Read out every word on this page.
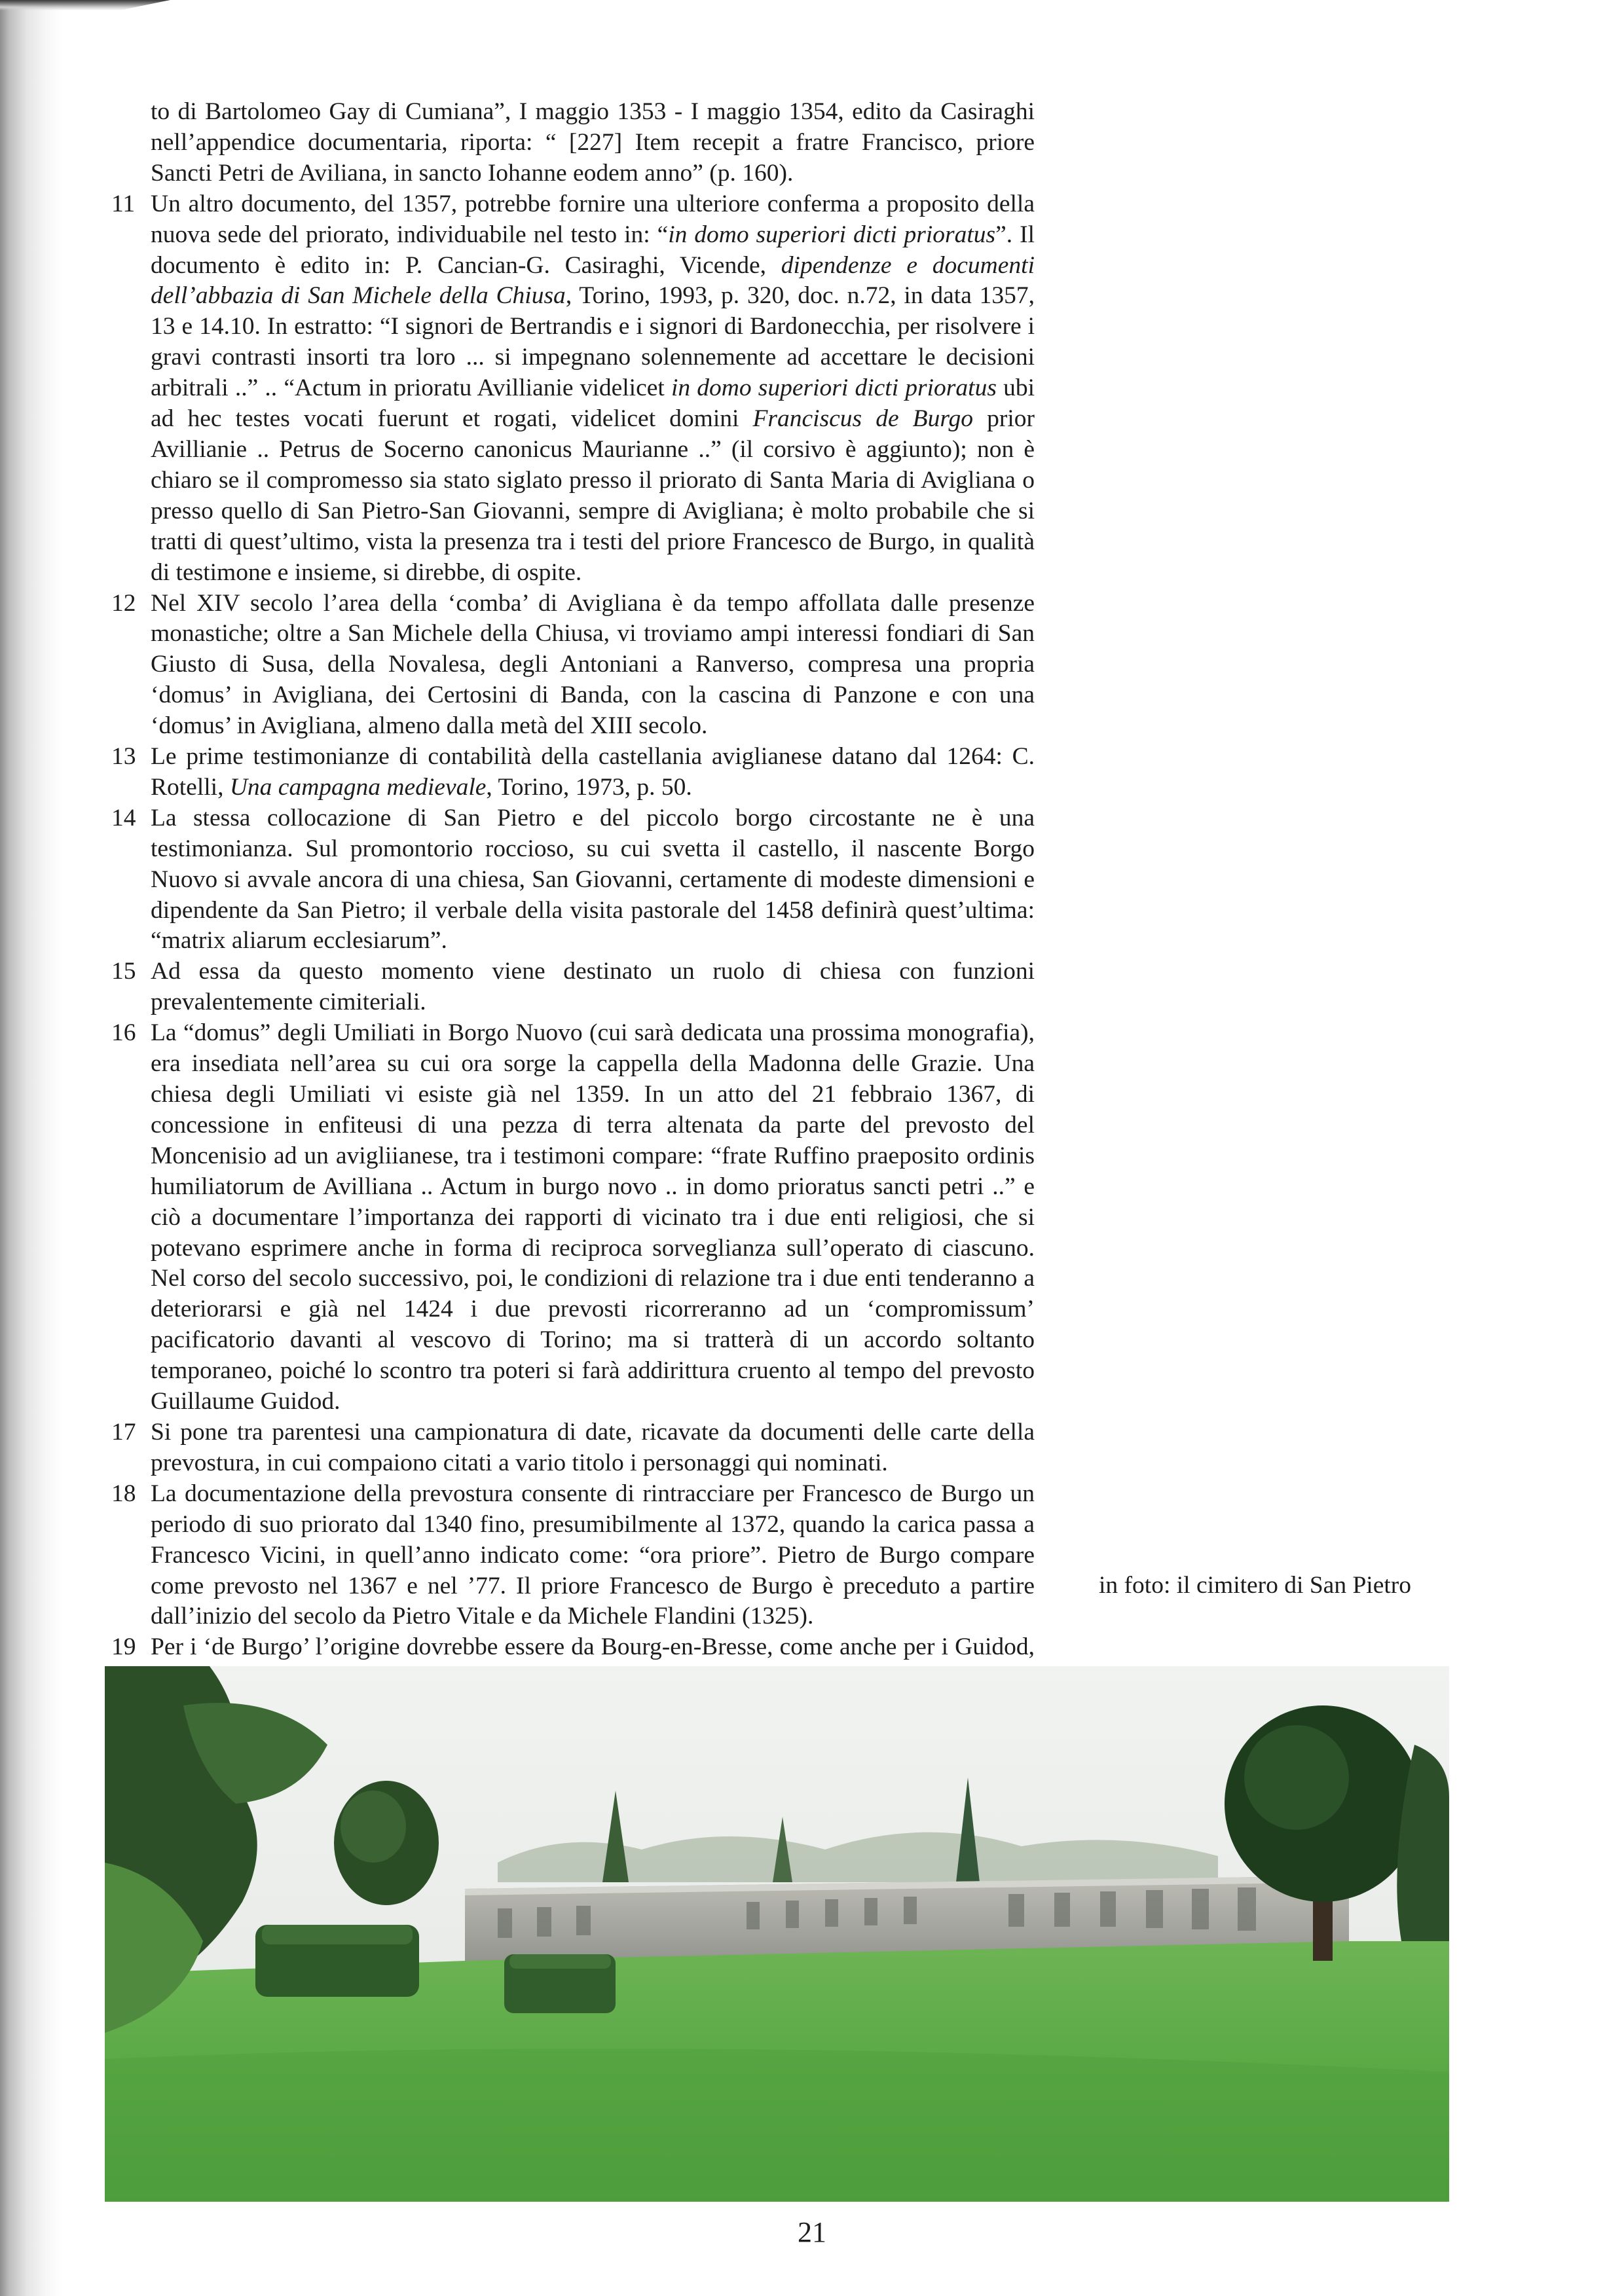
to di Bartolomeo Gay di Cumiana”, I maggio 1353 - I maggio 1354, edito da Casiraghi nell’appendice documentaria, riporta: “ [227] Item recepit a fratre Francisco, priore Sancti Petri de Aviliana, in sancto Iohanne eodem anno” (p. 160).
11 Un altro documento, del 1357, potrebbe fornire una ulteriore conferma a proposito della nuova sede del priorato, individuabile nel testo in: “in domo superiori dicti prioratus”. Il documento è edito in: P. Cancian-G. Casiraghi, Vicende, dipendenze e documenti dell’abbazia di San Michele della Chiusa, Torino, 1993, p. 320, doc. n.72, in data 1357, 13 e 14.10. In estratto: “I signori de Bertrandis e i signori di Bardonecchia, per risolvere i gravi contrasti insorti tra loro ... si impegnano solennemente ad accettare le decisioni arbitrali ..” .. “Actum in prioratu Avillianie videlicet in domo superiori dicti prioratus ubi ad hec testes vocati fuerunt et rogati, videlicet domini Franciscus de Burgo prior Avillianie .. Petrus de Socerno canonicus Maurianne ..” (il corsivo è aggiunto); non è chiaro se il compromesso sia stato siglato presso il priorato di Santa Maria di Avigliana o presso quello di San Pietro-San Giovanni, sempre di Avigliana; è molto probabile che si tratti di quest’ultimo, vista la presenza tra i testi del priore Francesco de Burgo, in qualità di testimone e insieme, si direbbe, di ospite.
12 Nel XIV secolo l’area della ‘comba’ di Avigliana è da tempo affollata dalle presenze monastiche; oltre a San Michele della Chiusa, vi troviamo ampi interessi fondiari di San Giusto di Susa, della Novalesa, degli Antoniani a Ranverso, compresa una propria ‘domus’ in Avigliana, dei Certosini di Banda, con la cascina di Panzone e con una ‘domus’ in Avigliana, almeno dalla metà del XIII secolo.
13 Le prime testimonianze di contabilità della castellania aviglianese datano dal 1264: C. Rotelli, Una campagna medievale, Torino, 1973, p. 50.
14 La stessa collocazione di San Pietro e del piccolo borgo circostante ne è una testimonianza. Sul promontorio roccioso, su cui svetta il castello, il nascente Borgo Nuovo si avvale ancora di una chiesa, San Giovanni, certamente di modeste dimensioni e dipendente da San Pietro; il verbale della visita pastorale del 1458 definirà quest’ultima: “matrix aliarum ecclesiarum”.
15 Ad essa da questo momento viene destinato un ruolo di chiesa con funzioni prevalentemente cimiteriali.
16 La “domus” degli Umiliati in Borgo Nuovo (cui sarà dedicata una prossima monografia), era insediata nell’area su cui ora sorge la cappella della Madonna delle Grazie. Una chiesa degli Umiliati vi esiste già nel 1359. In un atto del 21 febbraio 1367, di concessione in enfiteusi di una pezza di terra altenata da parte del prevosto del Moncenisio ad un avigliianese, tra i testimoni compare: “frate Ruffino praeposito ordinis humiliatorum de Avilliana .. Actum in burgo novo .. in domo prioratus sancti petri ..” e ciò a documentare l’importanza dei rapporti di vicinato tra i due enti religiosi, che si potevano esprimere anche in forma di reciproca sorveglianza sull’operato di ciascuno. Nel corso del secolo successivo, poi, le condizioni di relazione tra i due enti tenderanno a deteriorarsi e già nel 1424 i due prevosti ricorreranno ad un ‘compromissum’ pacificatorio davanti al vescovo di Torino; ma si tratterà di un accordo soltanto temporaneo, poiché lo scontro tra poteri si farà addirittura cruento al tempo del prevosto Guillaume Guidod.
17 Si pone tra parentesi una campionatura di date, ricavate da documenti delle carte della prevostura, in cui compaiono citati a vario titolo i personaggi qui nominati.
18 La documentazione della prevostura consente di rintracciare per Francesco de Burgo un periodo di suo priorato dal 1340 fino, presumibilmente al 1372, quando la carica passa a Francesco Vicini, in quell’anno indicato come: “ora priore”. Pietro de Burgo compare come prevosto nel 1367 e nel ’77. Il priore Francesco de Burgo è preceduto a partire dall’inizio del secolo da Pietro Vitale e da Michele Flandini (1325).
19 Per i ‘de Burgo’ l’origine dovrebbe essere da Bourg-en-Bresse, come anche per i Guidod,
in foto: il cimitero di San Pietro
21
